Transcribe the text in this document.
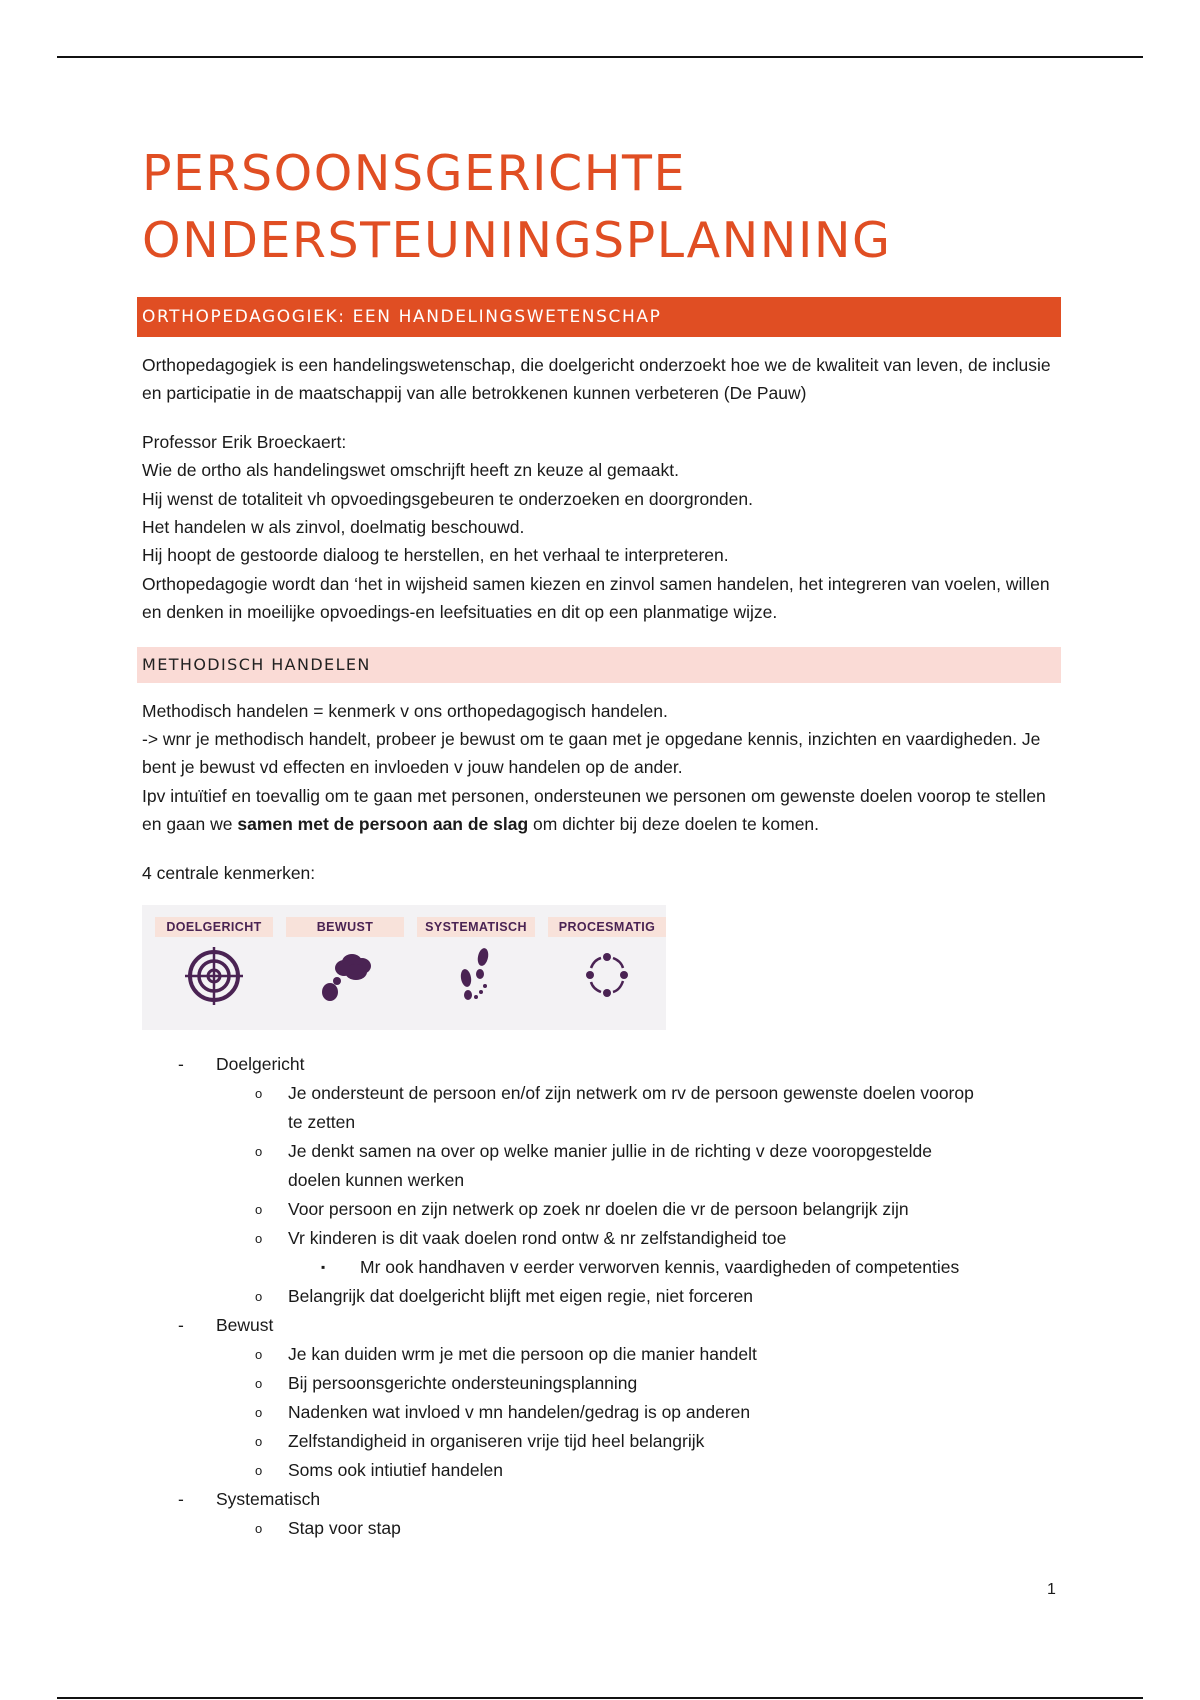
PERSOONSGERICHTE
ONDERSTEUNINGSPLANNING
ORTHOPEDAGOGIEK: EEN HANDELINGSWETENSCHAP

Orthopedagogiek is een handelingswetenschap, die doelgericht onderzoekt hoe we de kwaliteit van leven, de inclusie en participatie in de maatschappij van alle betrokkenen kunnen verbeteren (De Pauw)

Professor Erik Broeckaert:

Wie de ortho als handelingswet omschrijft heeft zn keuze al gemaakt.

Hij wenst de totaliteit vh opvoedingsgebeuren te onderzoeken en doorgronden.

Het handelen w als zinvol, doelmatig beschouwd.

Hij hoopt de gestoorde dialoog te herstellen, en het verhaal te interpreteren.

Orthopedagogie wordt dan ‘het in wijsheid samen kiezen en zinvol samen handelen, het integreren van voelen, willen en denken in moeilijke opvoedings-en leefsituaties en dit op een planmatige wijze.

METHODISCH HANDELEN

Methodisch handelen = kenmerk v ons orthopedagogisch handelen.

-> wnr je methodisch handelt, probeer je bewust om te gaan met je opgedane kennis, inzichten en vaardigheden. Je bent je bewust vd effecten en invloeden v jouw handelen op de ander.

Ipv intuïtief en toevallig om te gaan met personen, ondersteunen we personen om gewenste doelen voorop te stellen en gaan we samen met de persoon aan de slag om dichter bij deze doelen te komen.

4 centrale kenmerken:

DOELGERICHT	BEWUST	SYSTEMATISCH	PROCESMATIG
- Doelgericht
o Je ondersteunt de persoon en/of zijn netwerk om rv de persoon gewenste doelen voorop te zetten
o Je denkt samen na over op welke manier jullie in de richting v deze vooropgestelde doelen kunnen werken
o Voor persoon en zijn netwerk op zoek nr doelen die vr de persoon belangrijk zijn
o Vr kinderen is dit vaak doelen rond ontw & nr zelfstandigheid toe
▪ Mr ook handhaven v eerder verworven kennis, vaardigheden of competenties
o Belangrijk dat doelgericht blijft met eigen regie, niet forceren
- Bewust
o Je kan duiden wrm je met die persoon op die manier handelt
o Bij persoonsgerichte ondersteuningsplanning
o Nadenken wat invloed v mn handelen/gedrag is op anderen
o Zelfstandigheid in organiseren vrije tijd heel belangrijk
o Soms ook intiutief handelen
- Systematisch
o Stap voor stap
1
